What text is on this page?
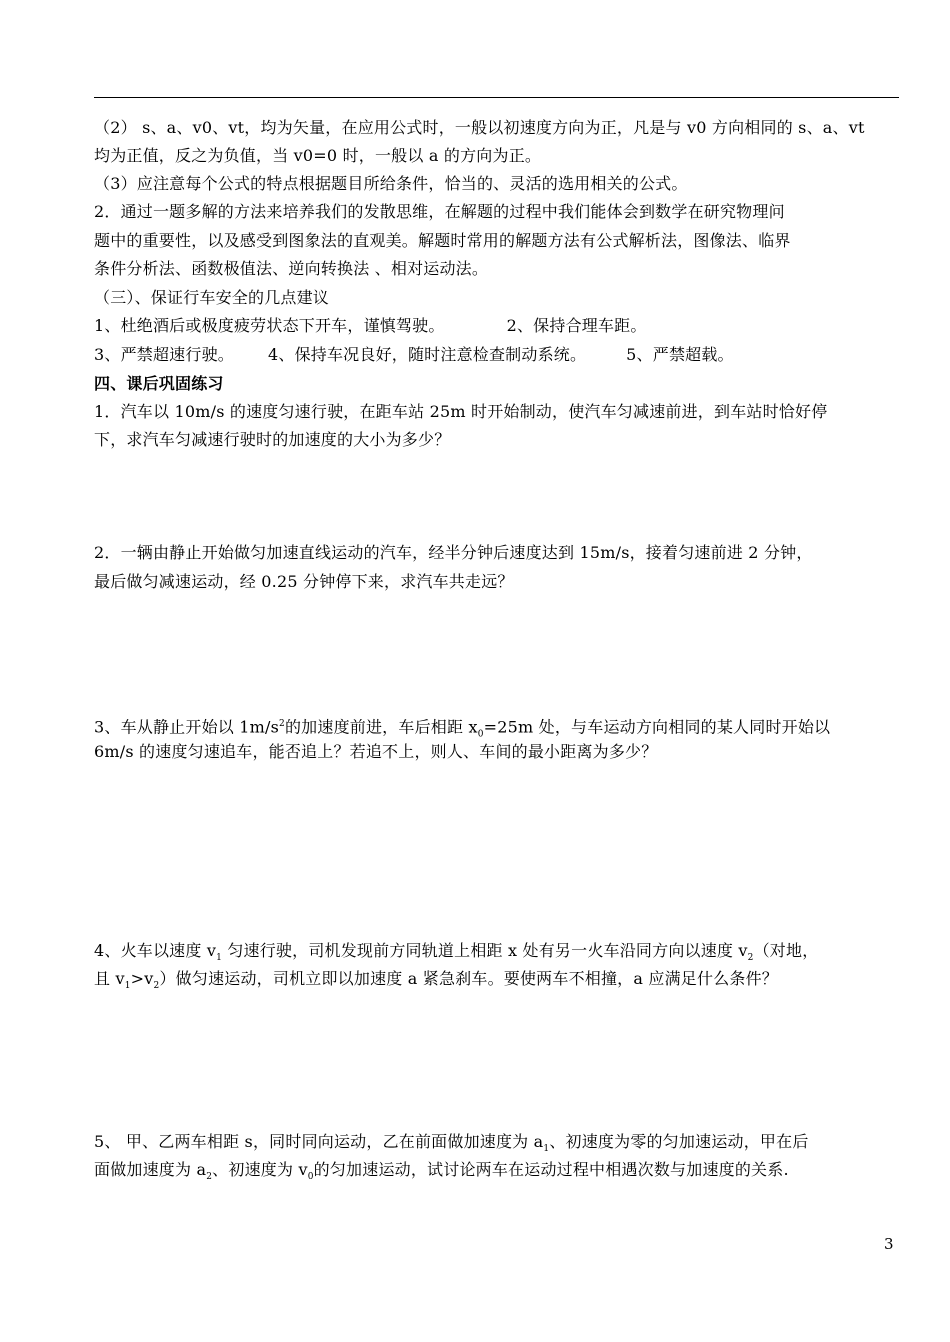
（2） s、a、v0、vt，均为矢量，在应用公式时，一般以初速度方向为正，凡是与 v0 方向相同的 s、a、vt
均为正值，反之为负值，当 v0=0 时，一般以 a 的方向为正。
（3）应注意每个公式的特点根据题目所给条件，恰当的、灵活的选用相关的公式。
2．通过一题多解的方法来培养我们的发散思维，在解题的过程中我们能体会到数学在研究物理问
题中的重要性，以及感受到图象法的直观美。解题时常用的解题方法有公式解析法，图像法、临界
条件分析法、函数极值法、逆向转换法 、相对运动法。
（三）、保证行车安全的几点建议
1、杜绝酒后或极度疲劳状态下开车，谨慎驾驶。	2、保持合理车距。
3、严禁超速行驶。 4、保持车况良好，随时注意检查制动系统。	5、严禁超载。
四、课后巩固练习
1．汽车以 10m/s 的速度匀速行驶，在距车站 25m 时开始制动，使汽车匀减速前进，到车站时恰好停
下，求汽车匀减速行驶时的加速度的大小为多少？
2．一辆由静止开始做匀加速直线运动的汽车，经半分钟后速度达到 15m/s，接着匀速前进 2 分钟，
最后做匀减速运动，经 0.25 分钟停下来，求汽车共走远？
3、车从静止开始以 $1m/s^2$的加速度前进，车后相距 $x_0=25m$ 处，与车运动方向相同的某人同时开始以
6m/s 的速度匀速追车，能否追上？若追不上，则人、车间的最小距离为多少？
4、火车以速度 $v_1$ 匀速行驶，司机发现前方同轨道上相距 x 处有另一火车沿同方向以速度 $v_2$（对地，
且 $v_1>v_2$）做匀速运动，司机立即以加速度 a 紧急刹车。要使两车不相撞，a 应满足什么条件？
5、 甲、乙两车相距 s，同时同向运动，乙在前面做加速度为 $a_1$、初速度为零的匀加速运动，甲在后
面做加速度为 $a_2$、初速度为 $v_0$的匀加速运动，试讨论两车在运动过程中相遇次数与加速度的关系.
3
